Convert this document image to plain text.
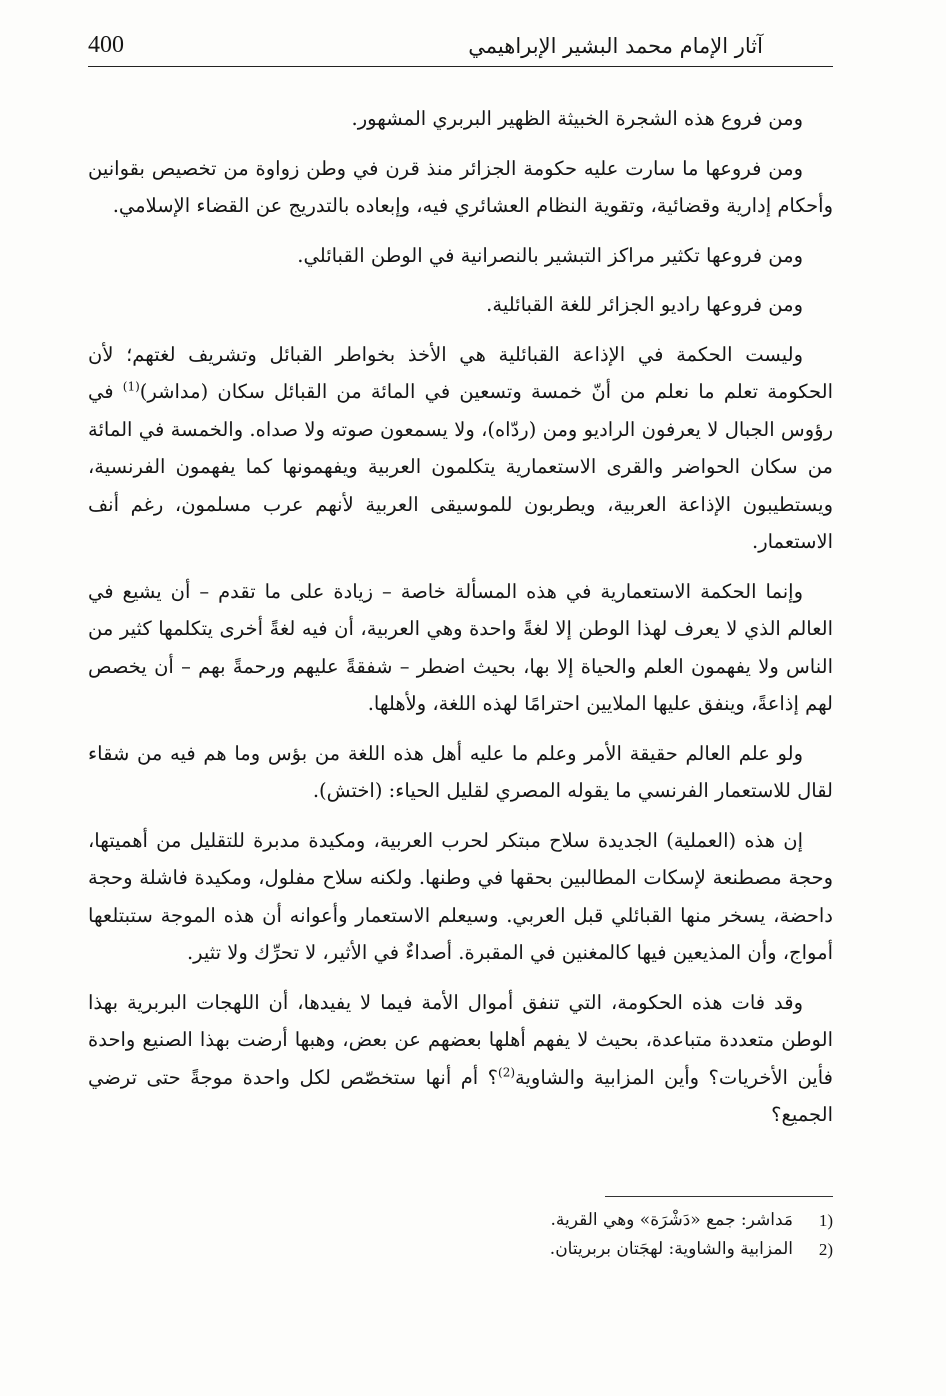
400	آثار الإمام محمد البشير الإبراهيمي

ومن فروع هذه الشجرة الخبيثة الظهير البربري المشهور.

ومن فروعها ما سارت عليه حكومة الجزائر منذ قرن في وطن زواوة من تخصيص بقوانين وأحكام إدارية وقضائية، وتقوية النظام العشائري فيه، وإبعاده بالتدريج عن القضاء الإسلامي.

ومن فروعها تكثير مراكز التبشير بالنصرانية في الوطن القبائلي.

ومن فروعها راديو الجزائر للغة القبائلية.

وليست الحكمة في الإذاعة القبائلية هي الأخذ بخواطر القبائل وتشريف لغتهم؛ لأن الحكومة تعلم ما نعلم من أنّ خمسة وتسعين في المائة من القبائل سكان (مداشر)$^{(1)}$ في رؤوس الجبال لا يعرفون الراديو ومن (ردّاه)، ولا يسمعون صوته ولا صداه. والخمسة في المائة من سكان الحواضر والقرى الاستعمارية يتكلمون العربية ويفهمونها كما يفهمون الفرنسية، ويستطيبون الإذاعة العربية، ويطربون للموسيقى العربية لأنهم عرب مسلمون، رغم أنف الاستعمار.

وإنما الحكمة الاستعمارية في هذه المسألة خاصة – زيادة على ما تقدم – أن يشيع في العالم الذي لا يعرف لهذا الوطن إلا لغةً واحدة وهي العربية، أن فيه لغةً أخرى يتكلمها كثير من الناس ولا يفهمون العلم والحياة إلا بها، بحيث اضطر – شفقةً عليهم ورحمةً بهم – أن يخصص لهم إذاعةً، وينفق عليها الملايين احترامًا لهذه اللغة، ولأهلها.

ولو علم العالم حقيقة الأمر وعلم ما عليه أهل هذه اللغة من بؤس وما هم فيه من شقاء لقال للاستعمار الفرنسي ما يقوله المصري لقليل الحياء: (اختش).

إن هذه (العملية) الجديدة سلاح مبتكر لحرب العربية، ومكيدة مدبرة للتقليل من أهميتها، وحجة مصطنعة لإسكات المطالبين بحقها في وطنها. ولكنه سلاح مفلول، ومكيدة فاشلة وحجة داحضة، يسخر منها القبائلي قبل العربي. وسيعلم الاستعمار وأعوانه أن هذه الموجة ستبتلعها أمواج، وأن المذيعين فيها كالمغنين في المقبرة. أصداءٌ في الأثير، لا تحرِّك ولا تثير.

وقد فات هذه الحكومة، التي تنفق أموال الأمة فيما لا يفيدها، أن اللهجات البربرية بهذا الوطن متعددة متباعدة، بحيث لا يفهم أهلها بعضهم عن بعض، وهبها أرضت بهذا الصنيع واحدة فأين الأخريات؟ وأين المزابية والشاوية$^{(2)}$؟ أم أنها ستخصّص لكل واحدة موجةً حتى ترضي الجميع؟

مَداشر: جمع «دَشْرَة» وهي القرية. 1)
المزابية والشاوية: لهجَتان بربريتان. 2)
